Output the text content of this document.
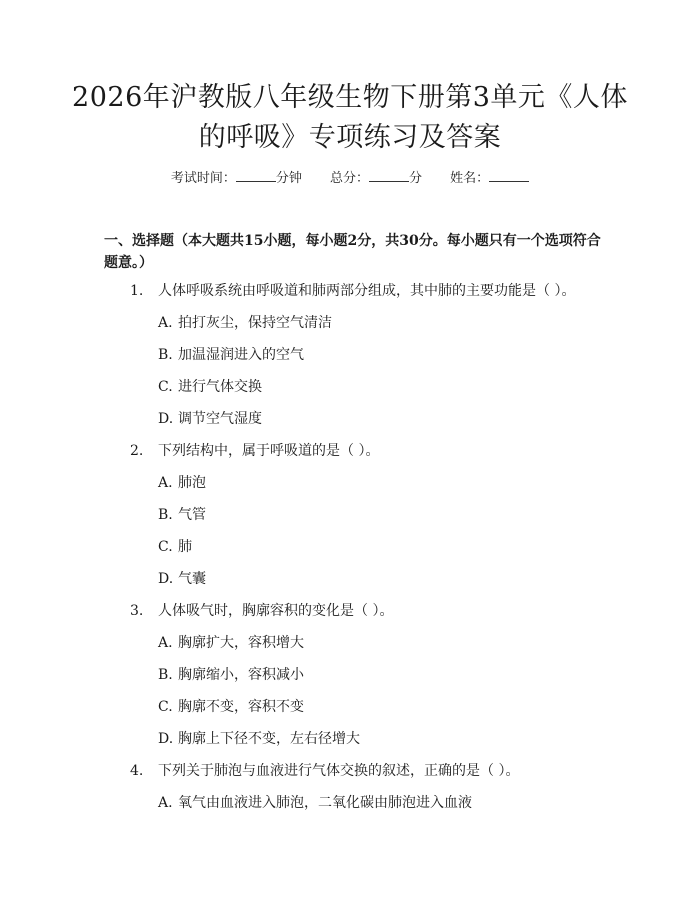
2026年沪教版八年级生物下册第3单元《人体的呼吸》专项练习及答案
考试时间：	分钟 总分：	分 姓名：

一、选择题（本大题共15小题，每小题2分，共30分。每小题只有一个选项符合题意。）

1. 人体呼吸系统由呼吸道和肺两部分组成，其中肺的主要功能是（ ）。
A. 拍打灰尘，保持空气清洁
B. 加温湿润进入的空气
C. 进行气体交换
D. 调节空气湿度
2. 下列结构中，属于呼吸道的是（ ）。
A. 肺泡
B. 气管
C. 肺
D. 气囊
3. 人体吸气时，胸廓容积的变化是（ ）。
A. 胸廓扩大，容积增大
B. 胸廓缩小，容积减小
C. 胸廓不变，容积不变
D. 胸廓上下径不变，左右径增大
4. 下列关于肺泡与血液进行气体交换的叙述，正确的是（ ）。
A. 氧气由血液进入肺泡，二氧化碳由肺泡进入血液
